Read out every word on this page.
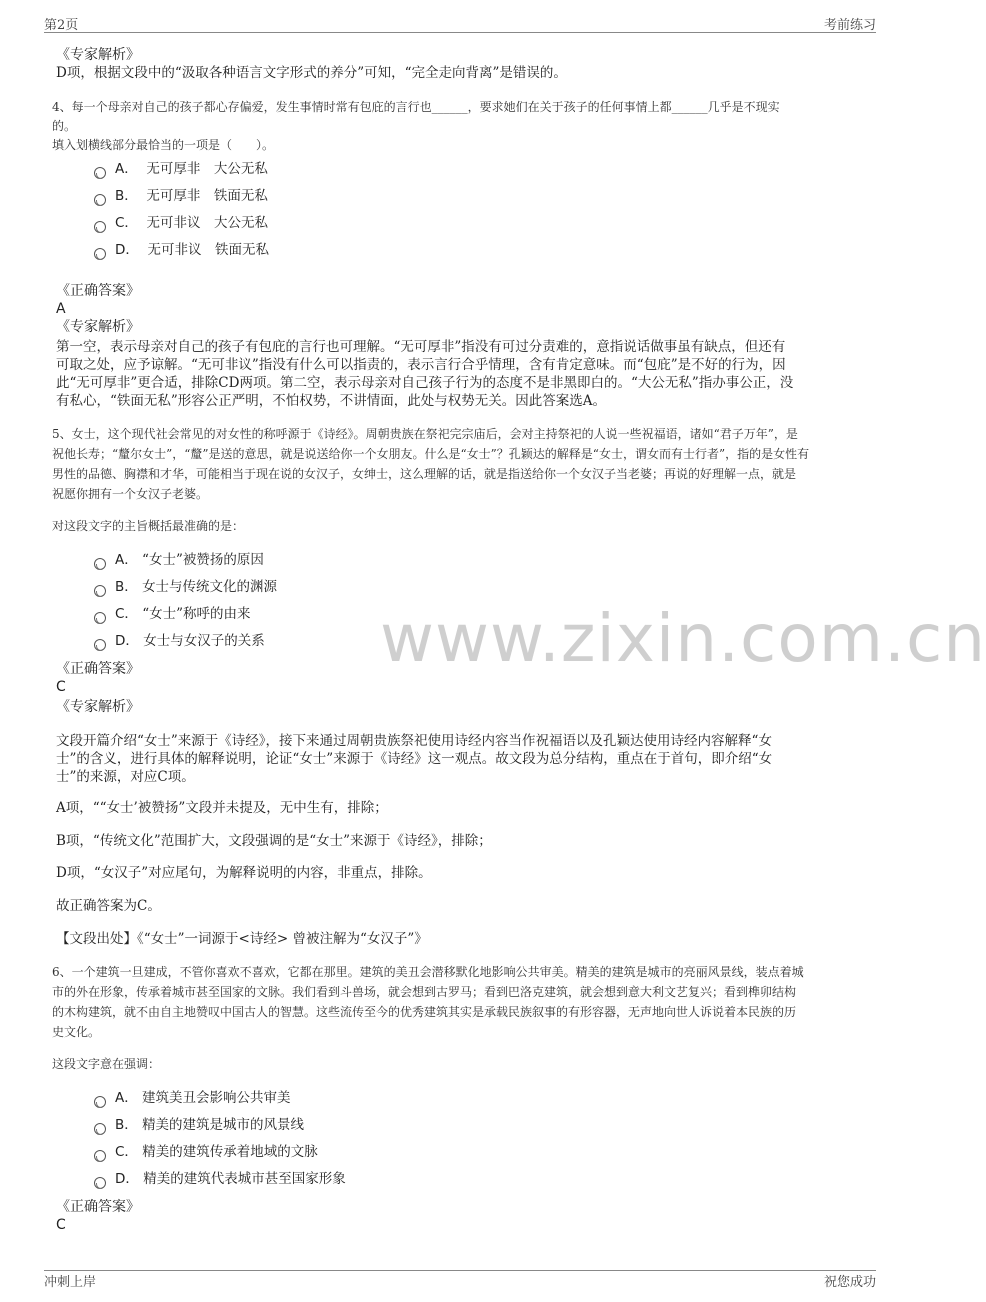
第2页	考前练习
《专家解析》
D项，根据文段中的“汲取各种语言文字形式的养分”可知，“完全走向背离”是错误的。
4、每一个母亲对自己的孩子都心存偏爱，发生事情时常有包庇的言行也______，要求她们在关于孩子的任何事情上都______几乎是不现实
的。
填入划横线部分最恰当的一项是（　　）。
A． 无可厚非　大公无私
B． 无可厚非　铁面无私
C． 无可非议　大公无私
D． 无可非议　铁面无私
《正确答案》
A
《专家解析》
第一空，表示母亲对自己的孩子有包庇的言行也可理解。“无可厚非”指没有可过分责难的，意指说话做事虽有缺点，但还有
可取之处，应予谅解。“无可非议”指没有什么可以指责的，表示言行合乎情理，含有肯定意味。而“包庇”是不好的行为，因
此“无可厚非”更合适，排除CD两项。第二空，表示母亲对自己孩子行为的态度不是非黑即白的。“大公无私”指办事公正，没
有私心，“铁面无私”形容公正严明，不怕权势，不讲情面，此处与权势无关。因此答案选A。
5、女士，这个现代社会常见的对女性的称呼源于《诗经》。周朝贵族在祭祀完宗庙后，会对主持祭祀的人说一些祝福语，诸如“君子万年”，是
祝他长寿；“釐尔女士”，“釐”是送的意思，就是说送给你一个女朋友。什么是“女士”？孔颖达的解释是“女士，谓女而有士行者”，指的是女性有
男性的品德、胸襟和才华，可能相当于现在说的女汉子，女绅士，这么理解的话，就是指送给你一个女汉子当老婆；再说的好理解一点，就是
祝愿你拥有一个女汉子老婆。
对这段文字的主旨概括最准确的是：
A． “女士”被赞扬的原因
B． 女士与传统文化的渊源
C． “女士”称呼的由来
D． 女士与女汉子的关系
《正确答案》
C
《专家解析》
文段开篇介绍“女士”来源于《诗经》，接下来通过周朝贵族祭祀使用诗经内容当作祝福语以及孔颖达使用诗经内容解释“女
士”的含义，进行具体的解释说明，论证“女士”来源于《诗经》这一观点。故文段为总分结构，重点在于首句，即介绍“女
士”的来源，对应C项。
A项，““女士’被赞扬”文段并未提及，无中生有，排除；
B项，“传统文化”范围扩大，文段强调的是“女士”来源于《诗经》，排除；
D项，“女汉子”对应尾句，为解释说明的内容，非重点，排除。
故正确答案为C。
【文段出处】《“女士”一词源于<诗经> 曾被注解为“女汉子”》
6、一个建筑一旦建成，不管你喜欢不喜欢，它都在那里。建筑的美丑会潜移默化地影响公共审美。精美的建筑是城市的亮丽风景线，装点着城
市的外在形象，传承着城市甚至国家的文脉。我们看到斗兽场，就会想到古罗马；看到巴洛克建筑，就会想到意大利文艺复兴；看到榫卯结构
的木构建筑，就不由自主地赞叹中国古人的智慧。这些流传至今的优秀建筑其实是承载民族叙事的有形容器，无声地向世人诉说着本民族的历
史文化。
这段文字意在强调：
A． 建筑美丑会影响公共审美
B． 精美的建筑是城市的风景线
C． 精美的建筑传承着地域的文脉
D． 精美的建筑代表城市甚至国家形象
《正确答案》
C
www.zixin.com.cn
冲刺上岸	祝您成功
